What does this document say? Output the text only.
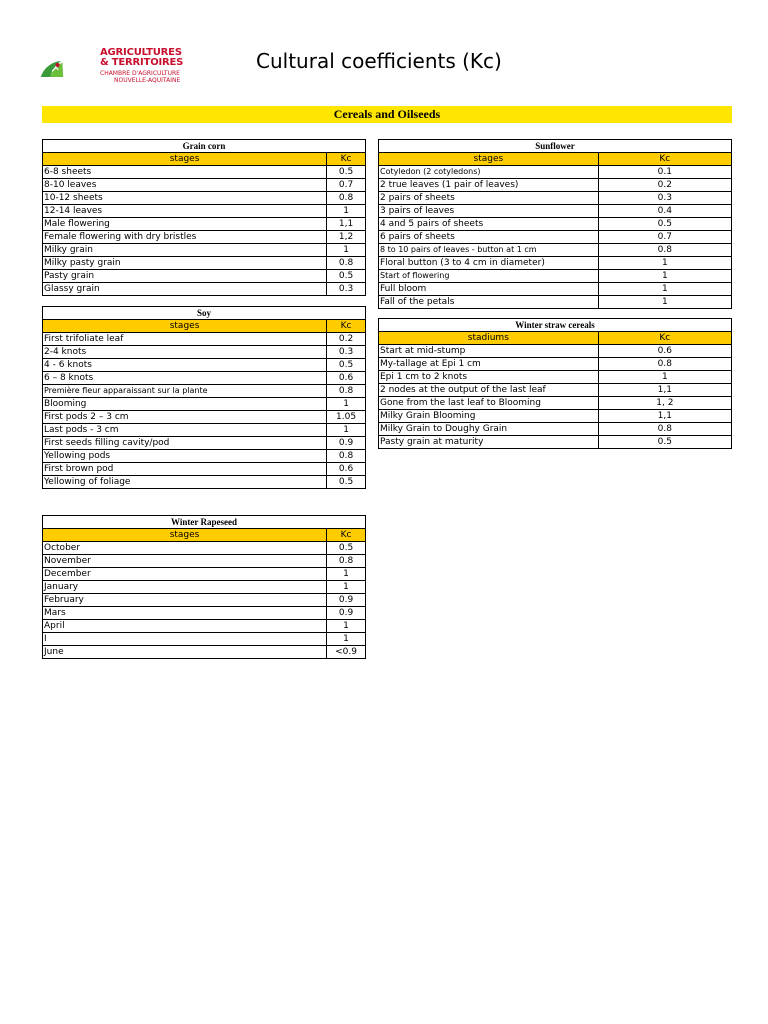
AGRICULTURES
& TERRITOIRES
CHAMBRE D'AGRICULTURE
NOUVELLE-AQUITAINE
Cultural coefficients (Kc)
Cereals and Oilseeds
Grain corn	
stages	Kc
6-8 sheets	0.5
8-10 leaves	0.7
10-12 sheets	0.8
12-14 leaves	1
Male flowering	1,1
Female flowering with dry bristles	1,2
Milky grain	1
Milky pasty grain	0.8
Pasty grain	0.5
Glassy grain	0.3
Sunflower	
stages	Kc
Cotyledon (2 cotyledons)	0.1
2 true leaves (1 pair of leaves)	0.2
2 pairs of sheets	0.3
3 pairs of leaves	0.4
4 and 5 pairs of sheets	0.5
6 pairs of sheets	0.7
8 to 10 pairs of leaves - button at 1 cm	0.8
Floral button (3 to 4 cm in diameter)	1
Start of flowering	1
Full bloom	1
Fall of the petals	1
Soy	
stages	Kc
First trifoliate leaf	0.2
2-4 knots	0.3
4 - 6 knots	0.5
6 – 8 knots	0.6
Première fleur apparaissant sur la plante	0.8
Blooming	1
First pods 2 – 3 cm	1.05
Last pods - 3 cm	1
First seeds filling cavity/pod	0.9
Yellowing pods	0.8
First brown pod	0.6
Yellowing of foliage	0.5
Winter straw cereals	
stadiums	Kc
Start at mid-stump	0.6
My-tallage at Epi 1 cm	0.8
Epi 1 cm to 2 knots	1
2 nodes at the output of the last leaf	1,1
Gone from the last leaf to Blooming	1, 2
Milky Grain Blooming	1,1
Milky Grain to Doughy Grain	0.8
Pasty grain at maturity	0.5
Winter Rapeseed	
stages	Kc
October	0.5
November	0.8
December	1
January	1
February	0.9
Mars	0.9
April	1
I	1
June	<0.9
